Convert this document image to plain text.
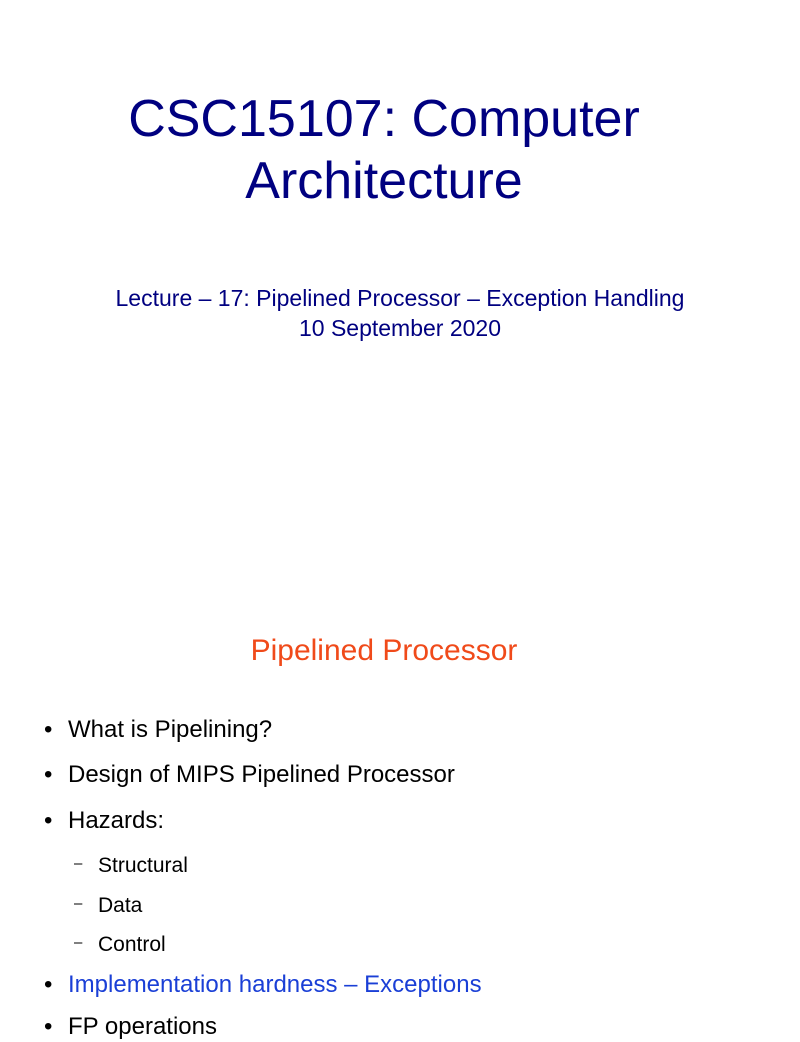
CSC15107: Computer
Architecture
Lecture – 17: Pipelined Processor – Exception Handling
10 September 2020
Pipelined Processor
• What is Pipelining?
• Design of MIPS Pipelined Processor
• Hazards:
– Structural
– Data
– Control
• Implementation hardness – Exceptions
• FP operations
